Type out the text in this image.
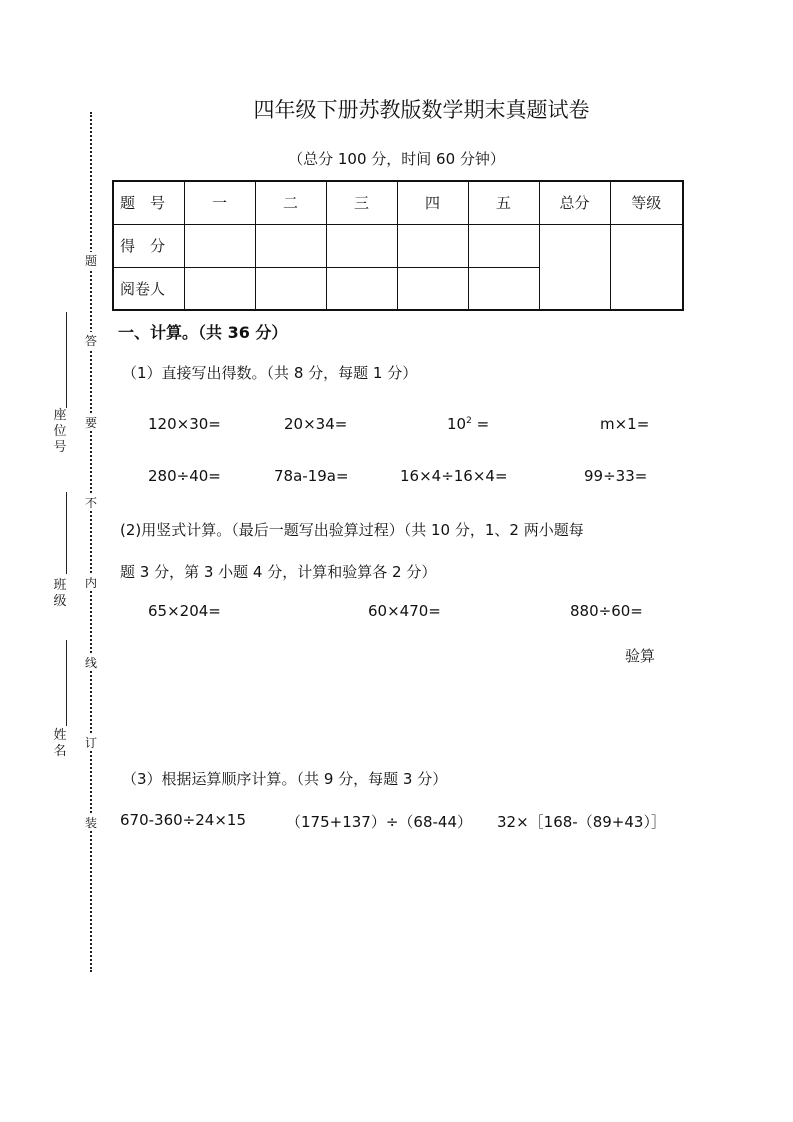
四年级下册苏教版数学期末真题试卷
（总分 100 分，时间 60 分钟）
题
答
要
不
内
线
订
装
座位号
班级
姓名
题　号	一	二	三	四	五	总分	等级
得　分							
阅卷人							
一、计算。（共 36 分）
（1）直接写出得数。（共 8 分，每题 1 分）
120×30=	20×34=	$10^2$ =	m×1=
280÷40=	78a-19a=	16×4÷16×4=	99÷33=
(2)用竖式计算。（最后一题写出验算过程）（共 10 分，1、2 两小题每
题 3 分，第 3 小题 4 分，计算和验算各 2 分）
65×204=	60×470=	880÷60=
验算
（3）根据运算顺序计算。（共 9 分，每题 3 分）
670-360÷24×15	（175+137）÷（68-44） 32×［168-（89+43）］
